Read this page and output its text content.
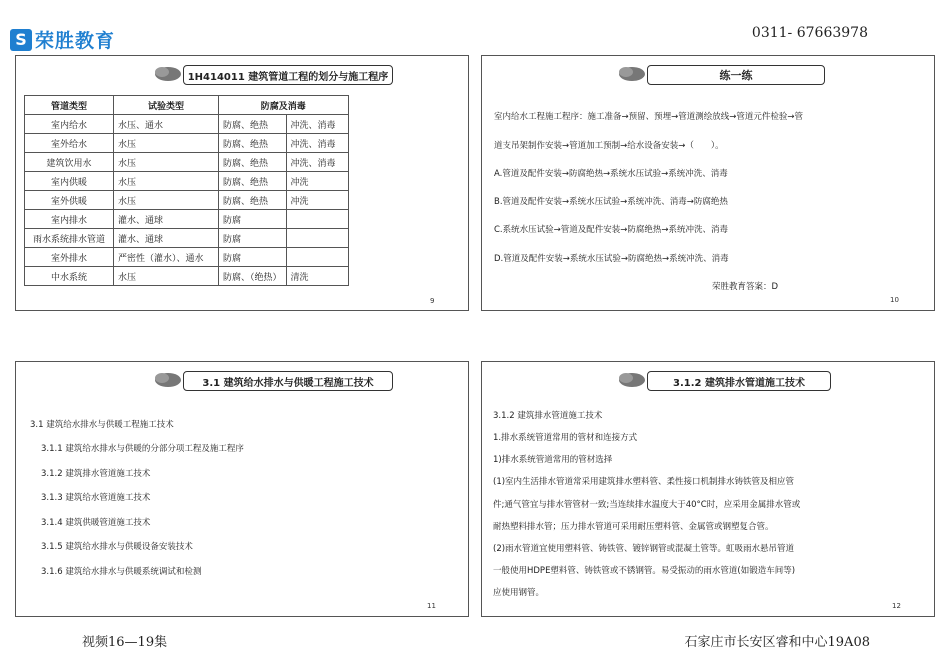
S 荣胜教育	0311- 67663978
1H414011 建筑管道工程的划分与施工程序
管道类型	试验类型	防腐及消毒	
室内给水	水压、通水	防腐、绝热	冲洗、消毒
室外给水	水压	防腐、绝热	冲洗、消毒
建筑饮用水	水压	防腐、绝热	冲洗、消毒
室内供暖	水压	防腐、绝热	冲洗
室外供暖	水压	防腐、绝热	冲洗
室内排水	灌水、通球	防腐	
雨水系统排水管道	灌水、通球	防腐	
室外排水	严密性（灌水）、通水	防腐	
中水系统	水压	防腐、（绝热）	清洗
9
练一练
室内给水工程施工程序：施工准备→预留、预埋→管道测绘放线→管道元件检验→管
道支吊架制作安装→管道加工预制→给水设备安装→（　　）。
A.管道及配件安装→防腐绝热→系统水压试验→系统冲洗、消毒
B.管道及配件安装→系统水压试验→系统冲洗、消毒→防腐绝热
C.系统水压试验→管道及配件安装→防腐绝热→系统冲洗、消毒
D.管道及配件安装→系统水压试验→防腐绝热→系统冲洗、消毒
荣胜教育答案：D
10
3.1 建筑给水排水与供暖工程施工技术
3.1 建筑给水排水与供暖工程施工技术
3.1.1 建筑给水排水与供暖的分部分项工程及施工程序
3.1.2 建筑排水管道施工技术
3.1.3 建筑给水管道施工技术
3.1.4 建筑供暖管道施工技术
3.1.5 建筑给水排水与供暖设备安装技术
3.1.6 建筑给水排水与供暖系统调试和检测
11
3.1.2 建筑排水管道施工技术
3.1.2 建筑排水管道施工技术
1.排水系统管道常用的管材和连接方式
1)排水系统管道常用的管材选择
(1)室内生活排水管道常采用建筑排水塑料管、柔性接口机制排水铸铁管及相应管
件;通气管宜与排水管管材一致;当连续排水温度大于40°C时，应采用金属排水管或
耐热塑料排水管；压力排水管道可采用耐压塑料管、金属管或钢塑复合管。
(2)雨水管道宜使用塑料管、铸铁管、镀锌钢管或混凝土管等。虹吸雨水悬吊管道
一般使用HDPE塑料管、铸铁管或不锈钢管。易受振动的雨水管道(如锻造车间等)
应使用钢管。
12
视频16—19集	石家庄市长安区睿和中心19A08
